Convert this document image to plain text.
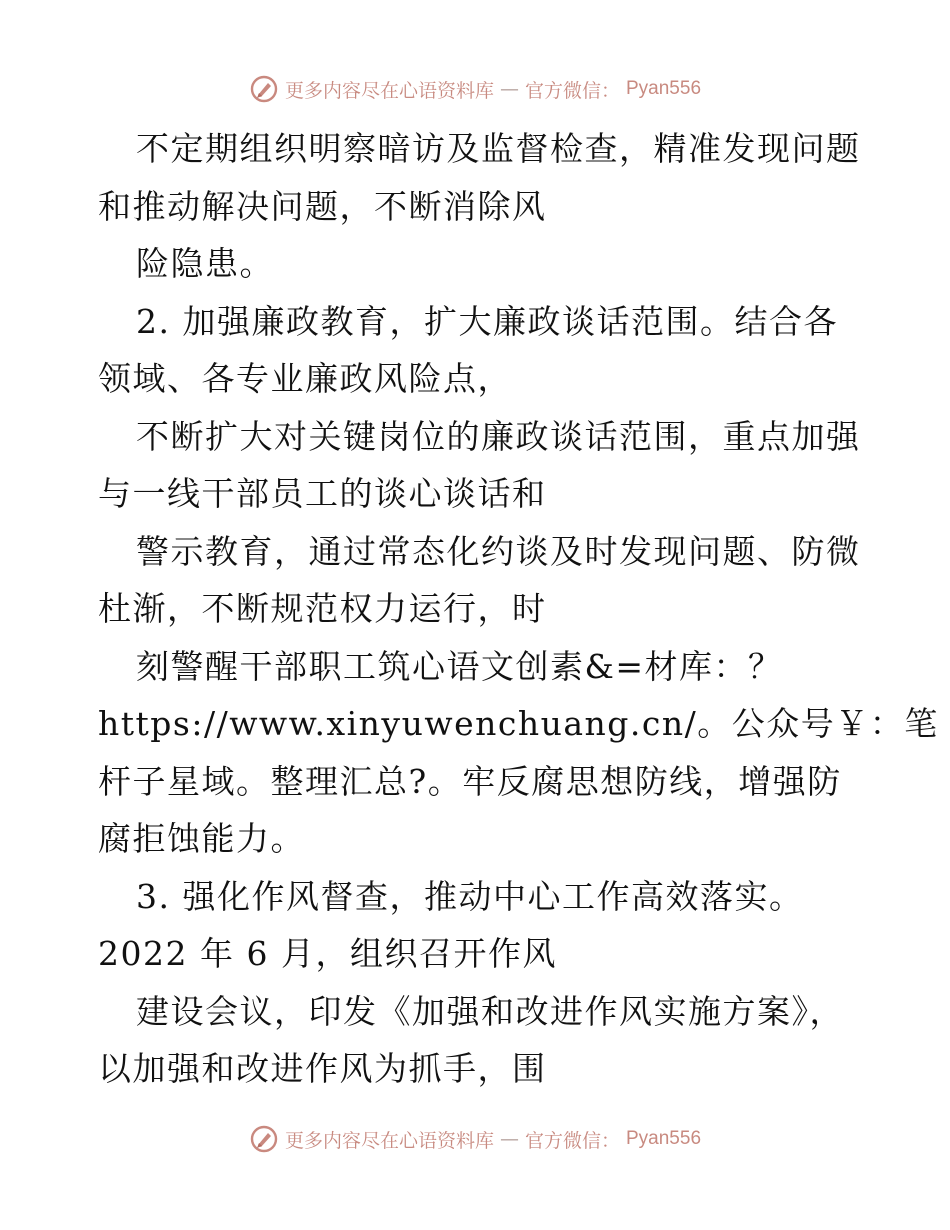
更多内容尽在心语资料库 — 官方微信： Pyan556
不定期组织明察暗访及监督检查，精准发现问题
和推动解决问题，不断消除风
险隐患。
2. 加强廉政教育，扩大廉政谈话范围。结合各
领域、各专业廉政风险点，
不断扩大对关键岗位的廉政谈话范围，重点加强
与一线干部员工的谈心谈话和
警示教育，通过常态化约谈及时发现问题、防微
杜渐，不断规范权力运行，时
刻警醒干部职工筑心语文创素&=材库：？
https://www.xinyuwenchuang.cn/。公众号￥：笔
杆子星域。整理汇总?。牢反腐思想防线，增强防
腐拒蚀能力。
3. 强化作风督查，推动中心工作高效落实。
2022 年 6 月，组织召开作风
建设会议，印发《加强和改进作风实施方案》，
以加强和改进作风为抓手，围
更多内容尽在心语资料库 — 官方微信： Pyan556
